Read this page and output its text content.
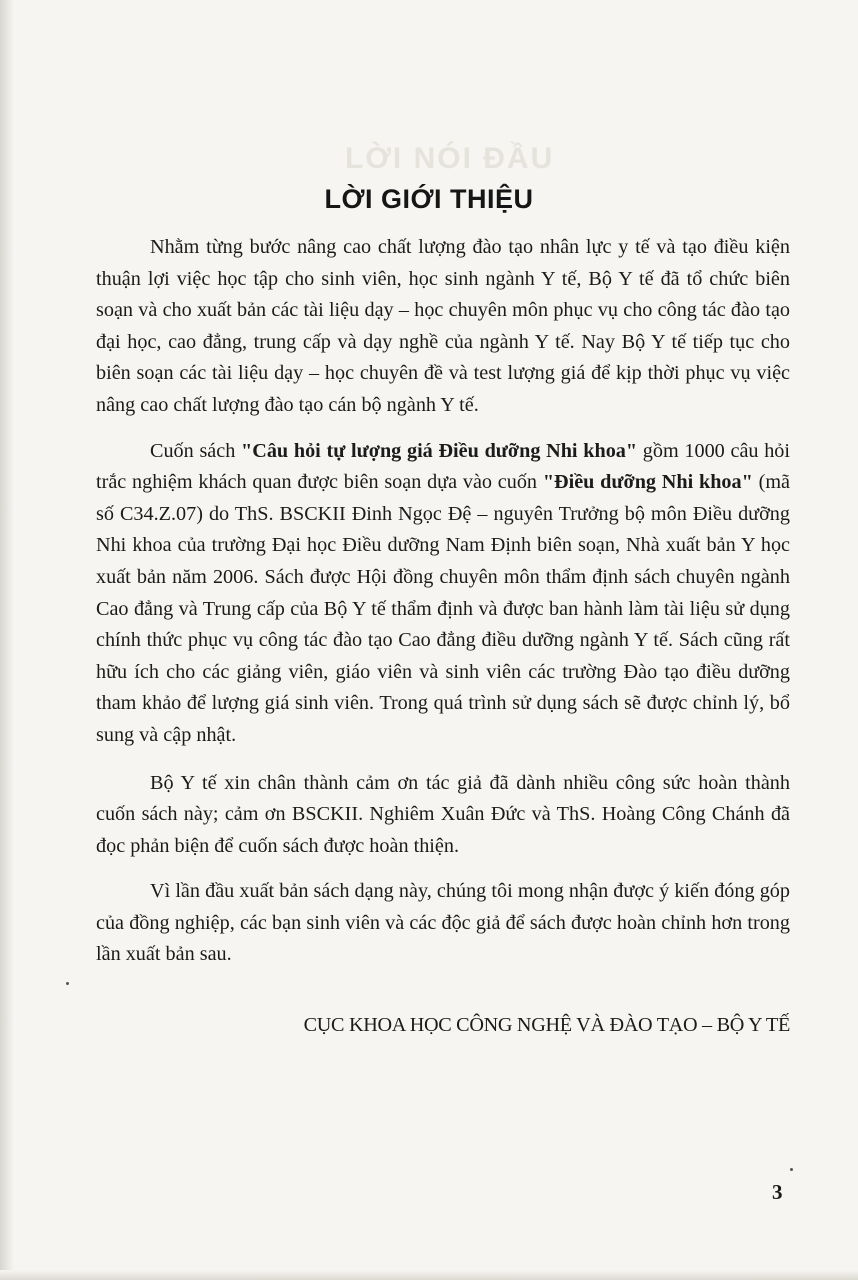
LỜI NÓI ĐẦU
LỜI GIỚI THIỆU

Nhằm từng bước nâng cao chất lượng đào tạo nhân lực y tế và tạo điều kiện thuận lợi việc học tập cho sinh viên, học sinh ngành Y tế, Bộ Y tế đã tổ chức biên soạn và cho xuất bản các tài liệu dạy – học chuyên môn phục vụ cho công tác đào tạo đại học, cao đẳng, trung cấp và dạy nghề của ngành Y tế. Nay Bộ Y tế tiếp tục cho biên soạn các tài liệu dạy – học chuyên đề và test lượng giá để kịp thời phục vụ việc nâng cao chất lượng đào tạo cán bộ ngành Y tế.

Cuốn sách "Câu hỏi tự lượng giá Điều dưỡng Nhi khoa" gồm 1000 câu hỏi trắc nghiệm khách quan được biên soạn dựa vào cuốn "Điều dưỡng Nhi khoa" (mã số C34.Z.07) do ThS. BSCKII Đinh Ngọc Đệ – nguyên Trưởng bộ môn Điều dưỡng Nhi khoa của trường Đại học Điều dưỡng Nam Định biên soạn, Nhà xuất bản Y học xuất bản năm 2006. Sách được Hội đồng chuyên môn thẩm định sách chuyên ngành Cao đẳng và Trung cấp của Bộ Y tế thẩm định và được ban hành làm tài liệu sử dụng chính thức phục vụ công tác đào tạo Cao đẳng điều dưỡng ngành Y tế. Sách cũng rất hữu ích cho các giảng viên, giáo viên và sinh viên các trường Đào tạo điều dưỡng tham khảo để lượng giá sinh viên. Trong quá trình sử dụng sách sẽ được chỉnh lý, bổ sung và cập nhật.

Bộ Y tế xin chân thành cảm ơn tác giả đã dành nhiều công sức hoàn thành cuốn sách này; cảm ơn BSCKII. Nghiêm Xuân Đức và ThS. Hoàng Công Chánh đã đọc phản biện để cuốn sách được hoàn thiện.

Vì lần đầu xuất bản sách dạng này, chúng tôi mong nhận được ý kiến đóng góp của đồng nghiệp, các bạn sinh viên và các độc giả để sách được hoàn chỉnh hơn trong lần xuất bản sau.

CỤC KHOA HỌC CÔNG NGHỆ VÀ ĐÀO TẠO – BỘ Y TẾ
3
